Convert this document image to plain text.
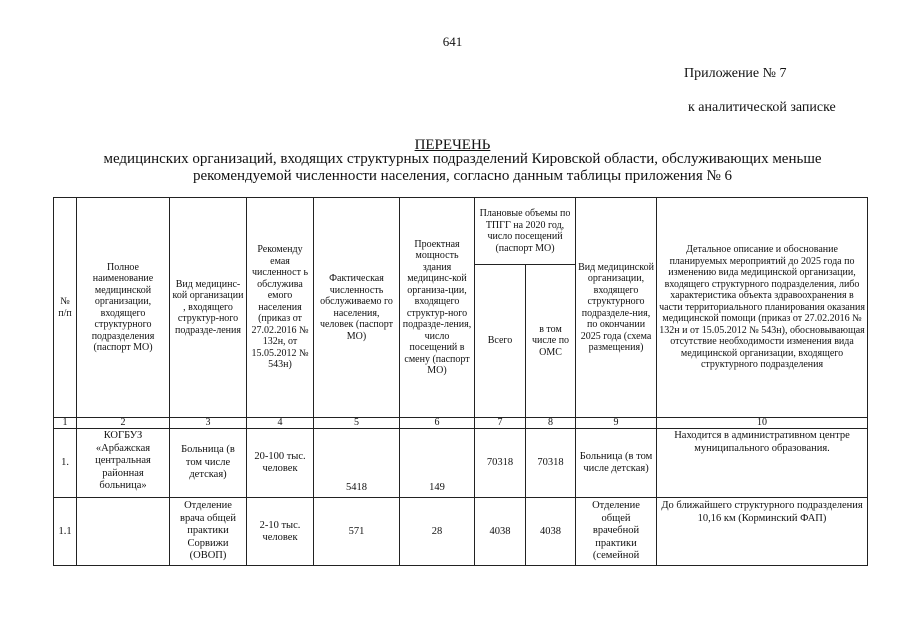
641
Приложение № 7
к аналитической записке
ПЕРЕЧЕНЬ
медицинских организаций, входящих структурных подразделений Кировской области, обслуживающих меньше рекомендуемой численности населения, согласно данным таблицы приложения № 6
№ п/п	Полное наименование медицинской организации, входящего структурного подразделения (паспорт МО)	Вид медицинс-кой организации , входящего структур-ного подразде-ления	Рекоменду емая численност ь обслужива емого населения (приказ от 27.02.2016 № 132н, от 15.05.2012 № 543н)	Фактическая численность обслуживаемо го населения, человек (паспорт МО)	Проектная мощность здания медицинс-кой организа-ции, входящего структур-ного подразде-ления, число посещений в смену (паспорт МО)	Плановые объемы по ТПГГ на 2020 год, число посещений (паспорт МО)		Вид медицинской организации, входящего структурного подразделе-ния, по окончании 2025 года (схема размещения)	Детальное описание и обоснование планируемых мероприятий до 2025 года по изменению вида медицинской организации, входящего структурного подразделения, либо характеристика объекта здравоохранения в части территориального планирования оказания медицинской помощи (приказ от 27.02.2016 № 132н и от 15.05.2012 № 543н), обосновывающая отсутствие необходимости изменения вида медицинской организации, входящего структурного подразделения
						Всего	в том числе по ОМС		
1	2	3	4	5	6	7	8	9	10
1.	КОГБУЗ «Арбажская центральная районная больница»	Больница (в том числе детская)	20-100 тыс. человек	5418	149	70318	70318	Больница (в том числе детская)	Находится в административном центре муниципального образования.
1.1		Отделение врача общей практики Сорвижи (ОВОП)	2-10 тыс. человек	571	28	4038	4038	Отделение общей врачебной практики (семейной	До ближайшего структурного подразделения 10,16 км (Корминский ФАП)
